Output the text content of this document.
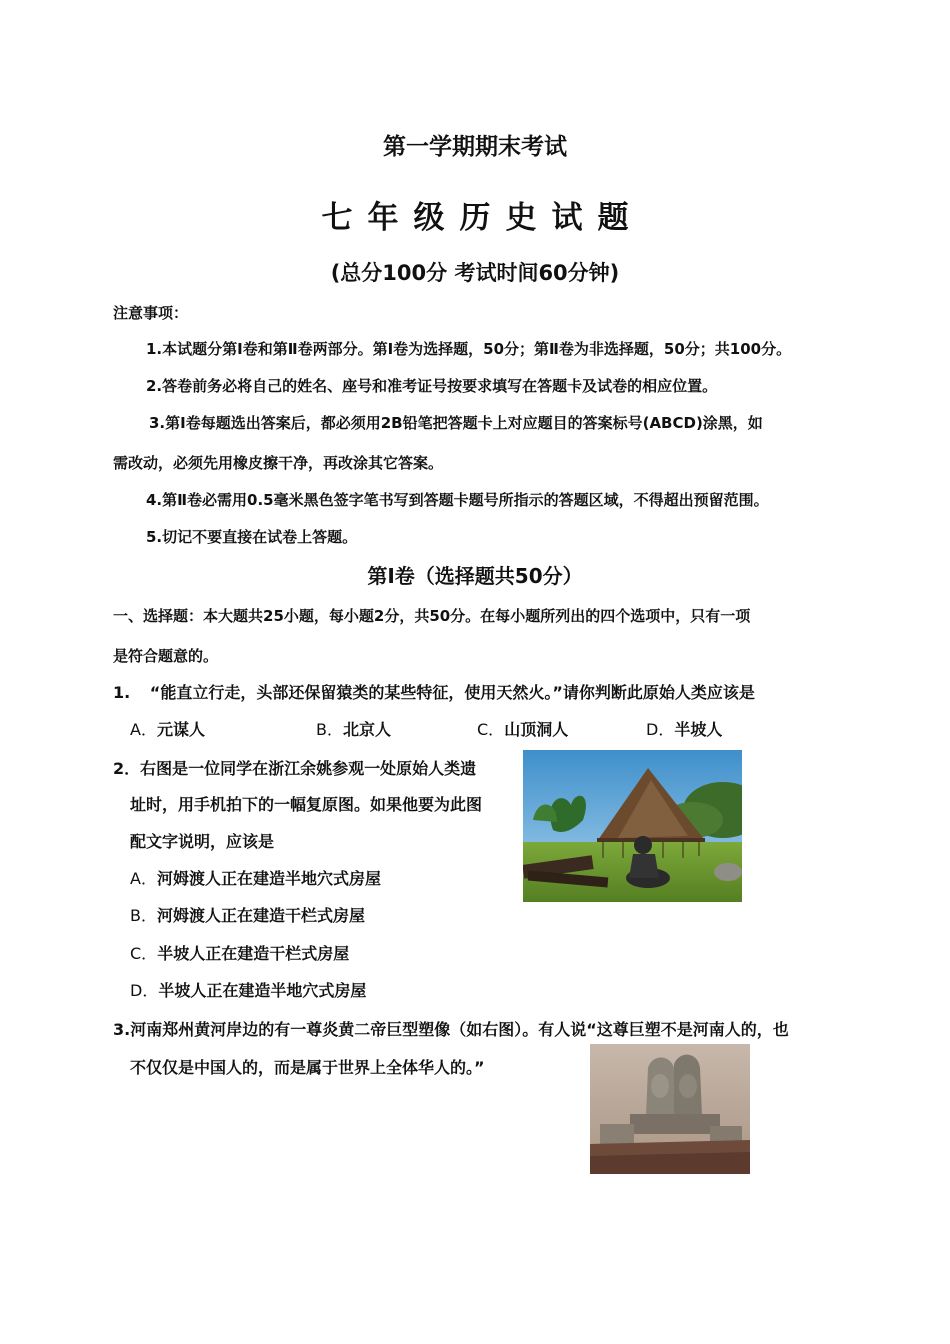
第一学期期末考试
七年级历史试题
(总分100分 考试时间60分钟)
注意事项：
1.本试题分第Ⅰ卷和第Ⅱ卷两部分。第Ⅰ卷为选择题，50分；第Ⅱ卷为非选择题，50分；共100分。
2.答卷前务必将自己的姓名、座号和准考证号按要求填写在答题卡及试卷的相应位置。
3.第Ⅰ卷每题选出答案后，都必须用2B铅笔把答题卡上对应题目的答案标号(ABCD)涂黑，如
需改动，必须先用橡皮擦干净，再改涂其它答案。
4.第Ⅱ卷必需用0.5毫米黑色签字笔书写到答题卡题号所指示的答题区域，不得超出预留范围。
5.切记不要直接在试卷上答题。
第Ⅰ卷（选择题共50分）
一、选择题：本大题共25小题，每小题2分，共50分。在每小题所列出的四个选项中，只有一项
是符合题意的。
1. “能直立行走，头部还保留猿类的某些特征，使用天然火。”请你判断此原始人类应该是
A．元谋人	B．北京人	C．山顶洞人	D．半坡人
2．右图是一位同学在浙江余姚参观一处原始人类遗
址时，用手机拍下的一幅复原图。如果他要为此图
配文字说明，应该是
A．河姆渡人正在建造半地穴式房屋
B．河姆渡人正在建造干栏式房屋
C．半坡人正在建造干栏式房屋
D．半坡人正在建造半地穴式房屋
3.河南郑州黄河岸边的有一尊炎黄二帝巨型塑像（如右图）。有人说“这尊巨塑不是河南人的，也
不仅仅是中国人的，而是属于世界上全体华人的。”
